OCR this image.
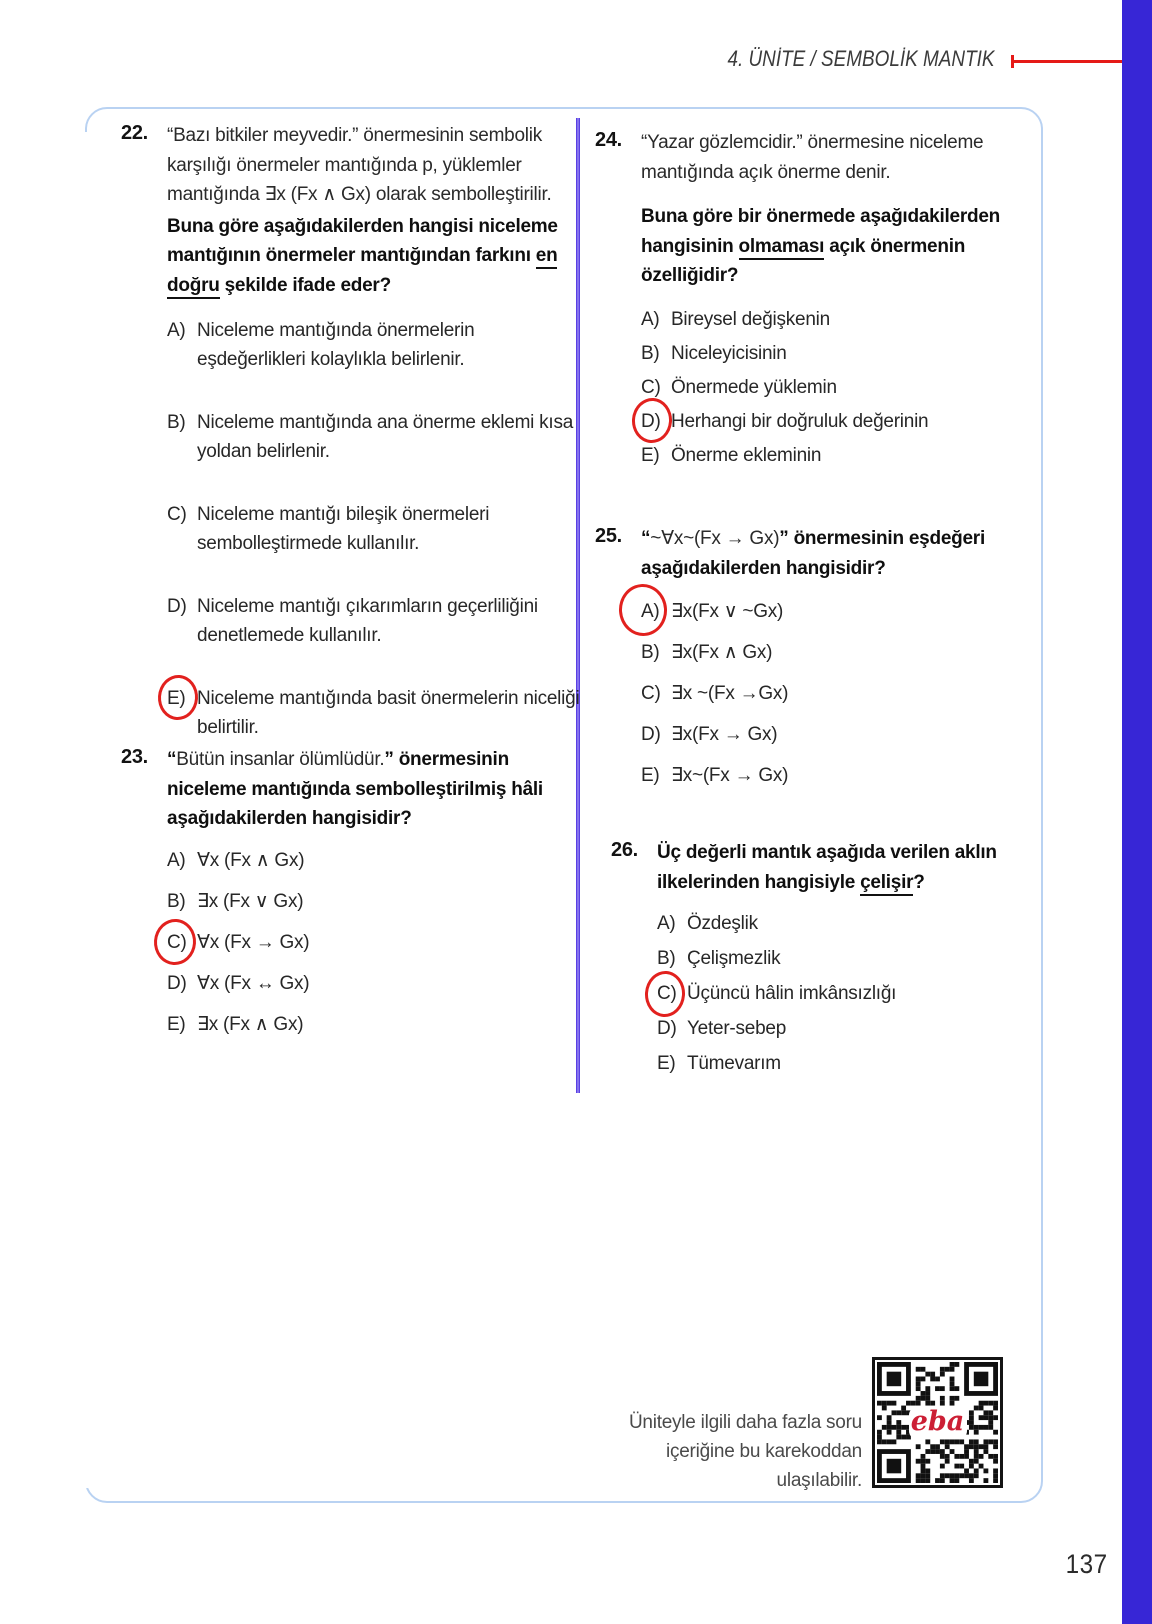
4. ÜNİTE / SEMBOLİK MANTIK
22.	“Bazı bitkiler meyvedir.” önermesinin sembolik karşılığı önermeler mantığında p, yüklemler mantığında ∃x (Fx ∧ Gx) olarak sembolleştirilir.

Buna göre aşağıdakilerden hangisi niceleme mantığının önermeler mantığından farkını en doğru şekilde ifade eder?

A) Niceleme mantığında önermelerin eşdeğerlikleri kolaylıkla belirlenir.
B) Niceleme mantığında ana önerme eklemi kısa yoldan belirlenir.
C) Niceleme mantığı bileşik önermeleri sembolleştirmede kullanılır.
D) Niceleme mantığı çıkarımların geçerliliğini denetlemede kullanılır.
E) Niceleme mantığında basit önermelerin niceliği belirtilir.
23.	“Bütün insanlar ölümlüdür.” önermesinin niceleme mantığında sembolleştirilmiş hâli aşağıdakilerden hangisidir?

A) ∀x (Fx ∧ Gx)
B) ∃x (Fx ∨ Gx)
C) ∀x (Fx → Gx)
D) ∀x (Fx ↔ Gx)
E) ∃x (Fx ∧ Gx)
24.	“Yazar gözlemcidir.” önermesine niceleme mantığında açık önerme denir.

Buna göre bir önermede aşağıdakilerden hangisinin olmaması açık önermenin özelliğidir?

A) Bireysel değişkenin
B) Niceleyicisinin
C) Önermede yüklemin
D) Herhangi bir doğruluk değerinin
E) Önerme ekleminin
25.	“~∀x~(Fx → Gx)” önermesinin eşdeğeri aşağıdakilerden hangisidir?

A) ∃x(Fx ∨ ~Gx)
B) ∃x(Fx ∧ Gx)
C) ∃x ~(Fx →Gx)
D) ∃x(Fx → Gx)
E) ∃x~(Fx → Gx)
26.	Üç değerli mantık aşağıda verilen aklın ilkelerinden hangisiyle çelişir?

A) Özdeşlik
B) Çelişmezlik
C) Üçüncü hâlin imkânsızlığı
D) Yeter-sebep
E) Tümevarım
Üniteyle ilgili daha fazla soru
içeriğine bu karekoddan
ulaşılabilir.
eba
137
